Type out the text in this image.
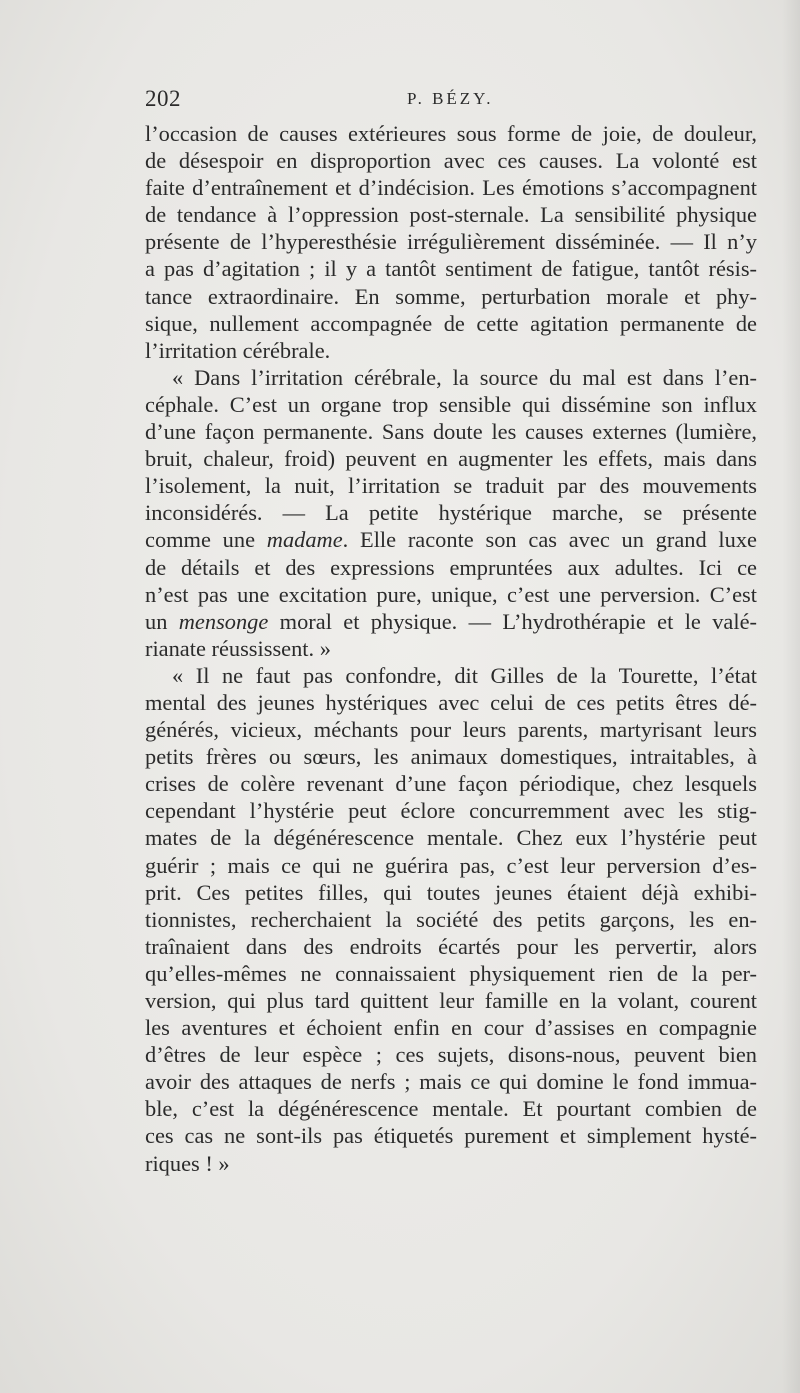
202	P. BÉZY.
l’occasion de causes extérieures sous forme de joie, de douleur,
de désespoir en disproportion avec ces causes. La volonté est
faite d’entraînement et d’indécision. Les émotions s’accompagnent
de tendance à l’oppression post-sternale. La sensibilité physique
présente de l’hyperesthésie irrégulièrement disséminée. — Il n’y
a pas d’agitation ; il y a tantôt sentiment de fatigue, tantôt résis-
tance extraordinaire. En somme, perturbation morale et phy-
sique, nullement accompagnée de cette agitation permanente de
l’irritation cérébrale.
« Dans l’irritation cérébrale, la source du mal est dans l’en-
céphale. C’est un organe trop sensible qui dissémine son influx
d’une façon permanente. Sans doute les causes externes (lumière,
bruit, chaleur, froid) peuvent en augmenter les effets, mais dans
l’isolement, la nuit, l’irritation se traduit par des mouvements
inconsidérés. — La petite hystérique marche, se présente
comme une madame. Elle raconte son cas avec un grand luxe
de détails et des expressions empruntées aux adultes. Ici ce
n’est pas une excitation pure, unique, c’est une perversion. C’est
un mensonge moral et physique. — L’hydrothérapie et le valé-
rianate réussissent. »
« Il ne faut pas confondre, dit Gilles de la Tourette, l’état
mental des jeunes hystériques avec celui de ces petits êtres dé-
générés, vicieux, méchants pour leurs parents, martyrisant leurs
petits frères ou sœurs, les animaux domestiques, intraitables, à
crises de colère revenant d’une façon périodique, chez lesquels
cependant l’hystérie peut éclore concurremment avec les stig-
mates de la dégénérescence mentale. Chez eux l’hystérie peut
guérir ; mais ce qui ne guérira pas, c’est leur perversion d’es-
prit. Ces petites filles, qui toutes jeunes étaient déjà exhibi-
tionnistes, recherchaient la société des petits garçons, les en-
traînaient dans des endroits écartés pour les pervertir, alors
qu’elles-mêmes ne connaissaient physiquement rien de la per-
version, qui plus tard quittent leur famille en la volant, courent
les aventures et échoient enfin en cour d’assises en compagnie
d’êtres de leur espèce ; ces sujets, disons-nous, peuvent bien
avoir des attaques de nerfs ; mais ce qui domine le fond immua-
ble, c’est la dégénérescence mentale. Et pourtant combien de
ces cas ne sont-ils pas étiquetés purement et simplement hysté-
riques ! »
